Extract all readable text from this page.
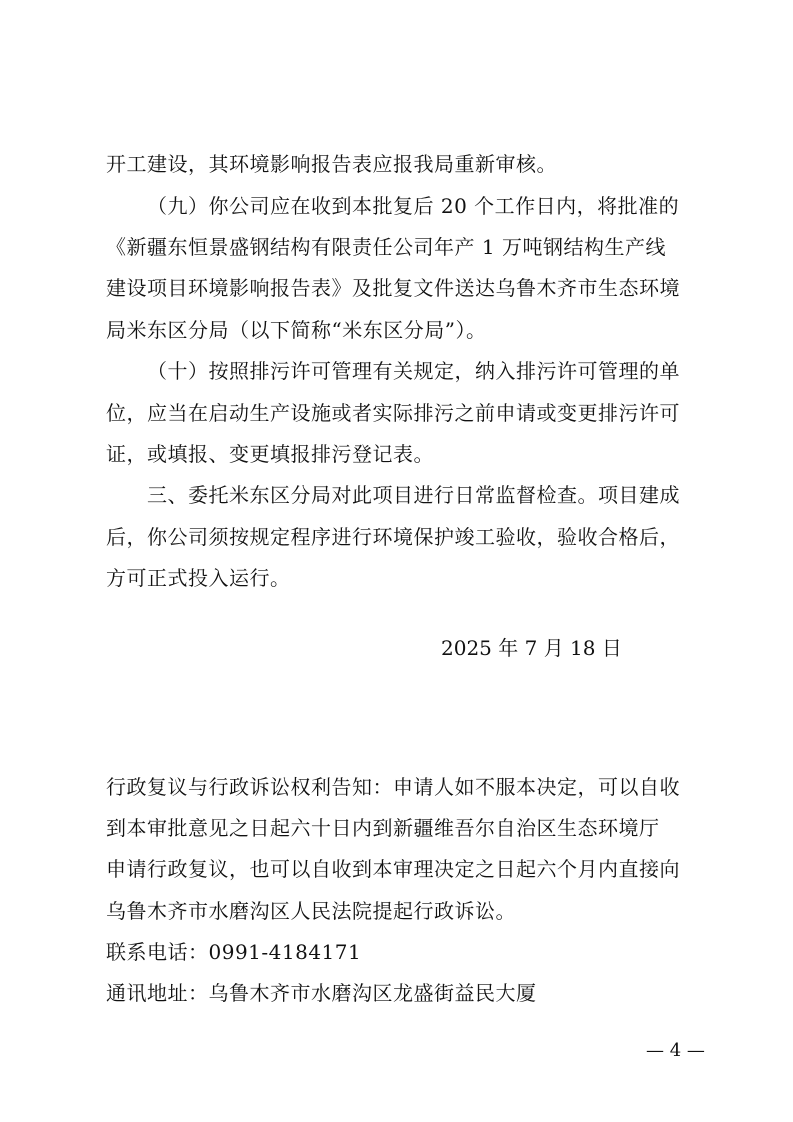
开工建设，其环境影响报告表应报我局重新审核。
（九）你公司应在收到本批复后 20 个工作日内，将批准的
《新疆东恒景盛钢结构有限责任公司年产 1 万吨钢结构生产线
建设项目环境影响报告表》及批复文件送达乌鲁木齐市生态环境
局米东区分局（以下简称“米东区分局”）。
（十）按照排污许可管理有关规定，纳入排污许可管理的单
位，应当在启动生产设施或者实际排污之前申请或变更排污许可
证，或填报、变更填报排污登记表。
三、委托米东区分局对此项目进行日常监督检查。项目建成
后，你公司须按规定程序进行环境保护竣工验收，验收合格后，
方可正式投入运行。
2025 年 7 月 18 日
行政复议与行政诉讼权利告知：申请人如不服本决定，可以自收
到本审批意见之日起六十日内到新疆维吾尔自治区生态环境厅
申请行政复议，也可以自收到本审理决定之日起六个月内直接向
乌鲁木齐市水磨沟区人民法院提起行政诉讼。
联系电话：0991-4184171
通讯地址：乌鲁木齐市水磨沟区龙盛街益民大厦
— 4 —
